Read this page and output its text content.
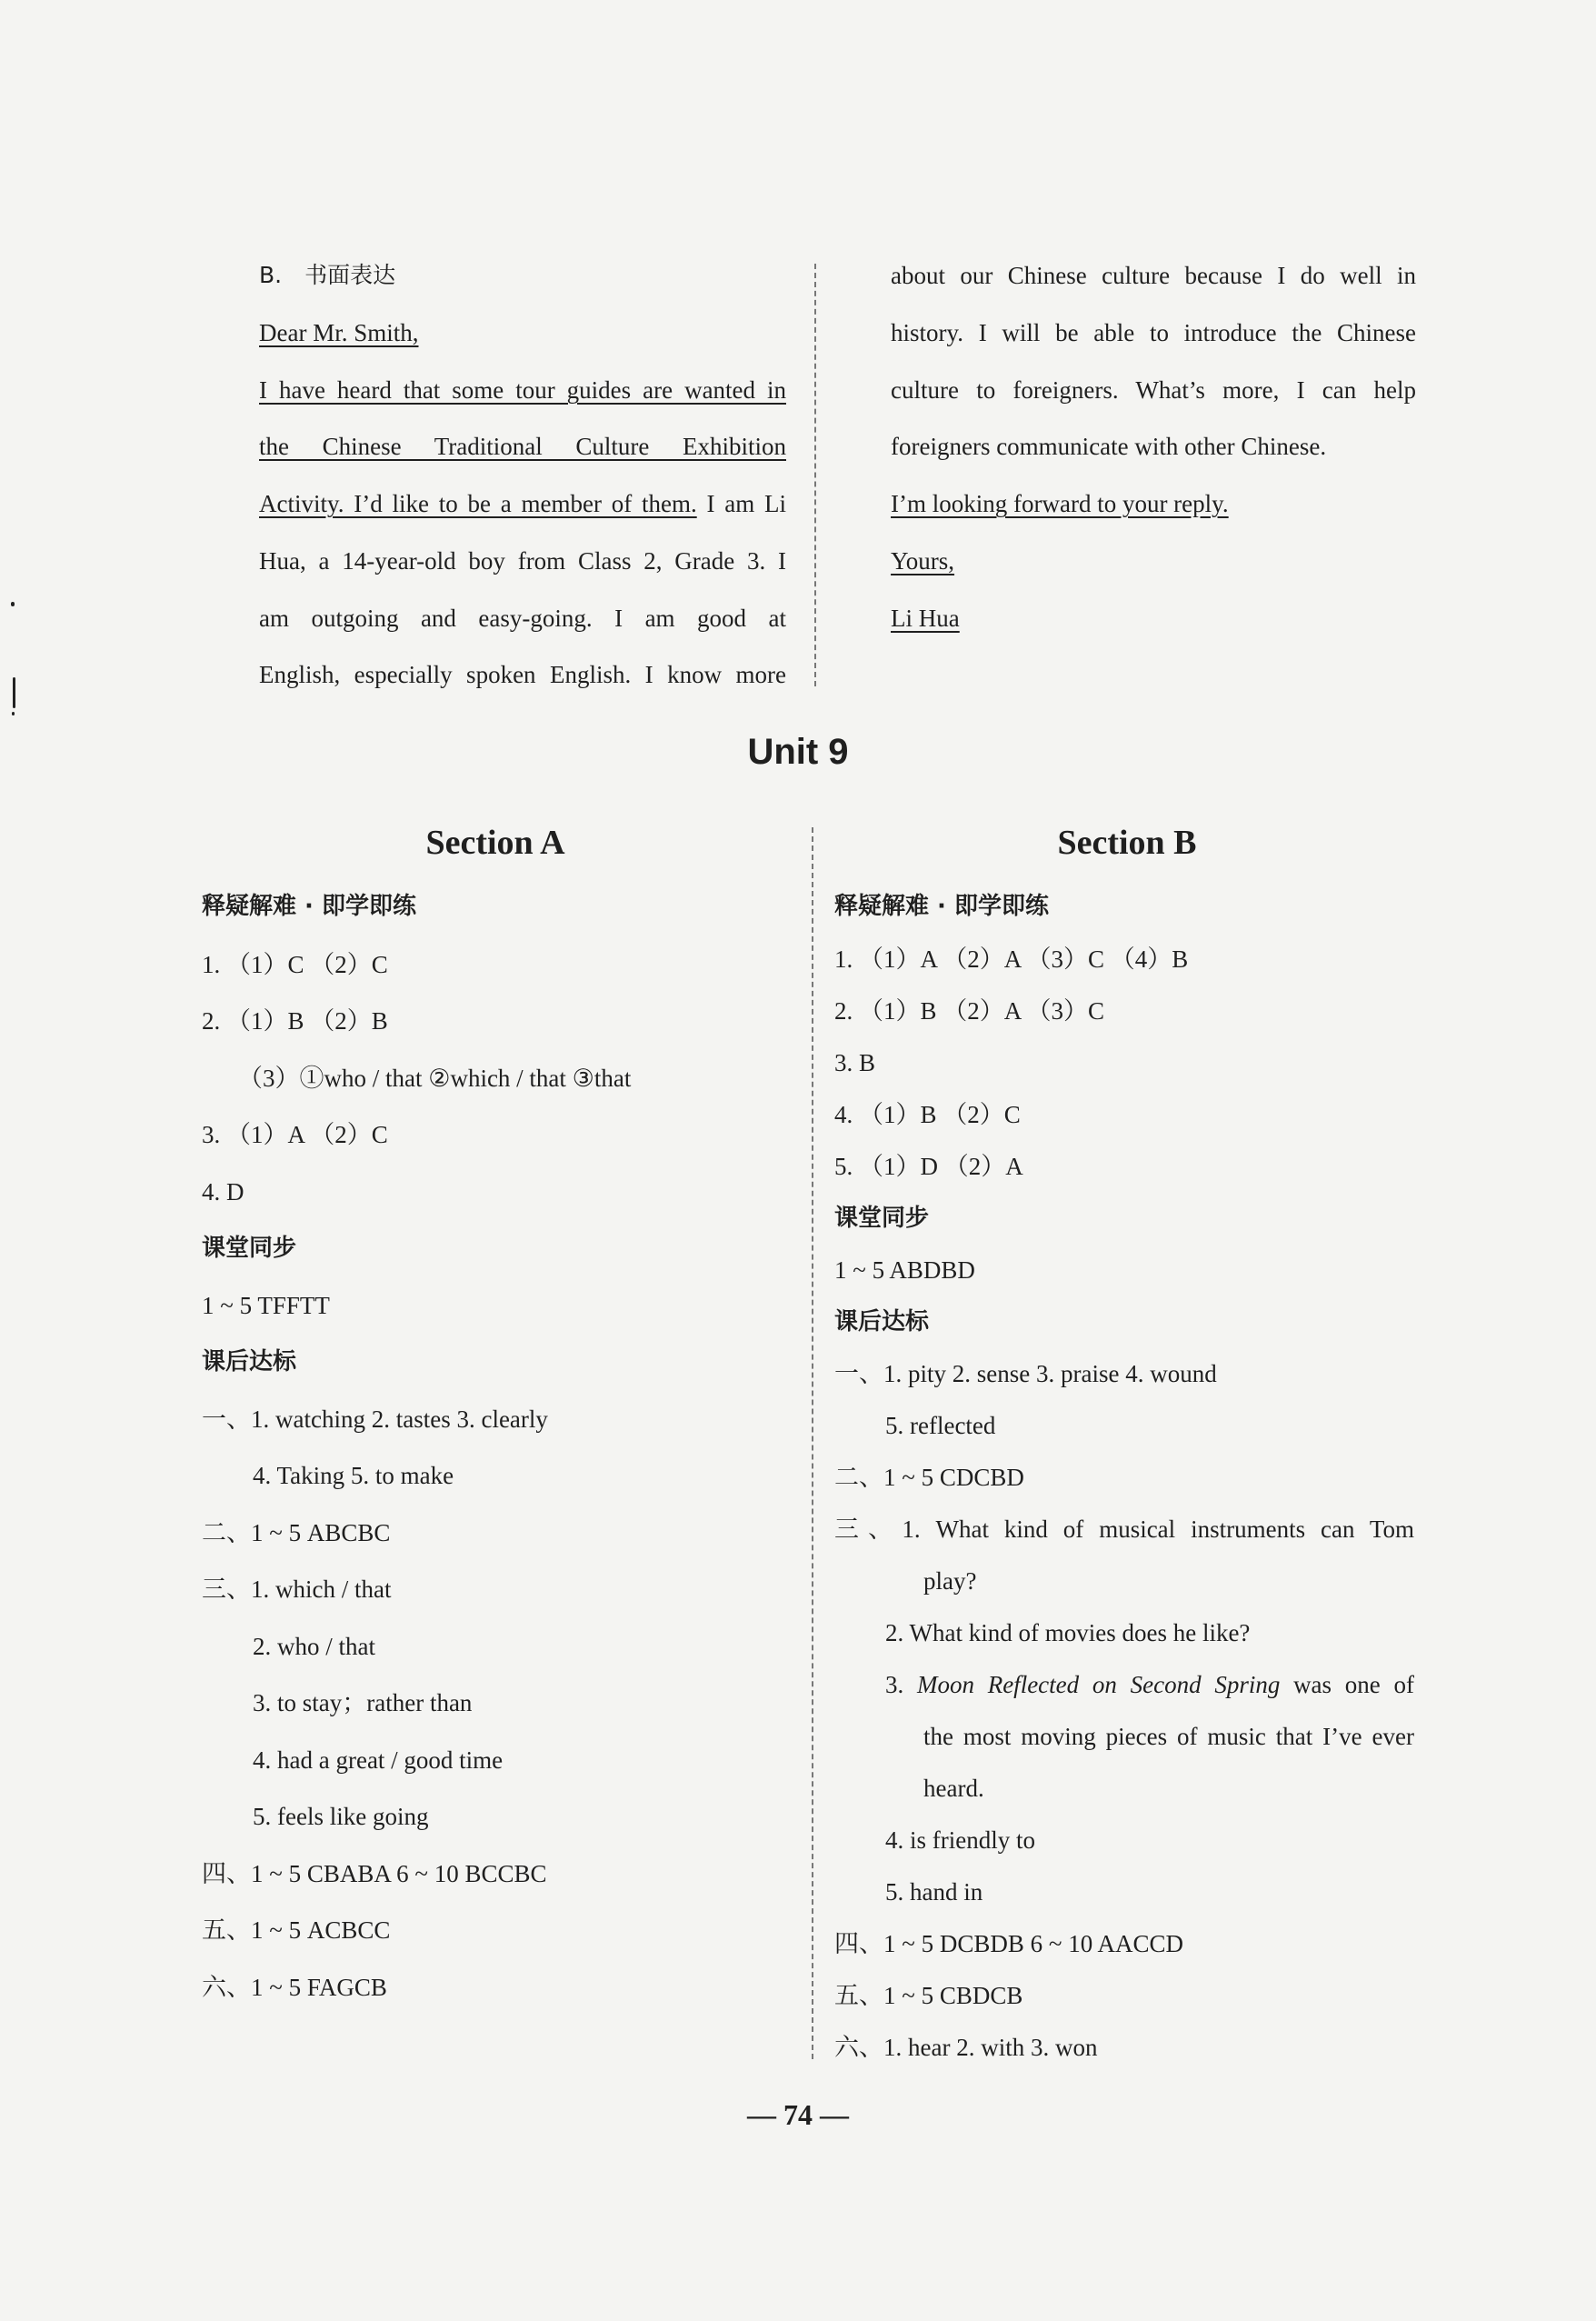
B. 书面表达
Dear Mr. Smith,
I have heard that some tour guides are wanted in
the Chinese Traditional Culture Exhibition
Activity. I’d like to be a member of them. I am Li
Hua, a 14-year-old boy from Class 2, Grade 3. I
am outgoing and easy-going. I am good at
English, especially spoken English. I know more
about our Chinese culture because I do well in
history. I will be able to introduce the Chinese
culture to foreigners. What’s more, I can help
foreigners communicate with other Chinese.
I’m looking forward to your reply.
Yours,
Li Hua
Unit 9
Section A	Section B
释疑解难 · 即学即练
1. （1）C （2）C
2. （1）B （2）B
（3）①who / that ②which / that ③that
3. （1）A （2）C
4. D
课堂同步
1 ~ 5 TFFTT
课后达标
一、1. watching 2. tastes 3. clearly
4. Taking 5. to make
二、1 ~ 5 ABCBC
三、1. which / that
2. who / that
3. to stay；rather than
4. had a great / good time
5. feels like going
四、1 ~ 5 CBABA 6 ~ 10 BCCBC
五、1 ~ 5 ACBCC
六、1 ~ 5 FAGCB
释疑解难 · 即学即练
1. （1）A （2）A （3）C （4）B
2. （1）B （2）A （3）C
3. B
4. （1）B （2）C
5. （1）D （2）A
课堂同步
1 ~ 5 ABDBD
课后达标
一、1. pity 2. sense 3. praise 4. wound
5. reflected
二、1 ~ 5 CDCBD
三、1. What kind of musical instruments can Tom
play?
2. What kind of movies does he like?
3. Moon Reflected on Second Spring was one of
the most moving pieces of music that I’ve ever
heard.
4. is friendly to
5. hand in
四、1 ~ 5 DCBDB 6 ~ 10 AACCD
五、1 ~ 5 CBDCB
六、1. hear 2. with 3. won
— 74 —
